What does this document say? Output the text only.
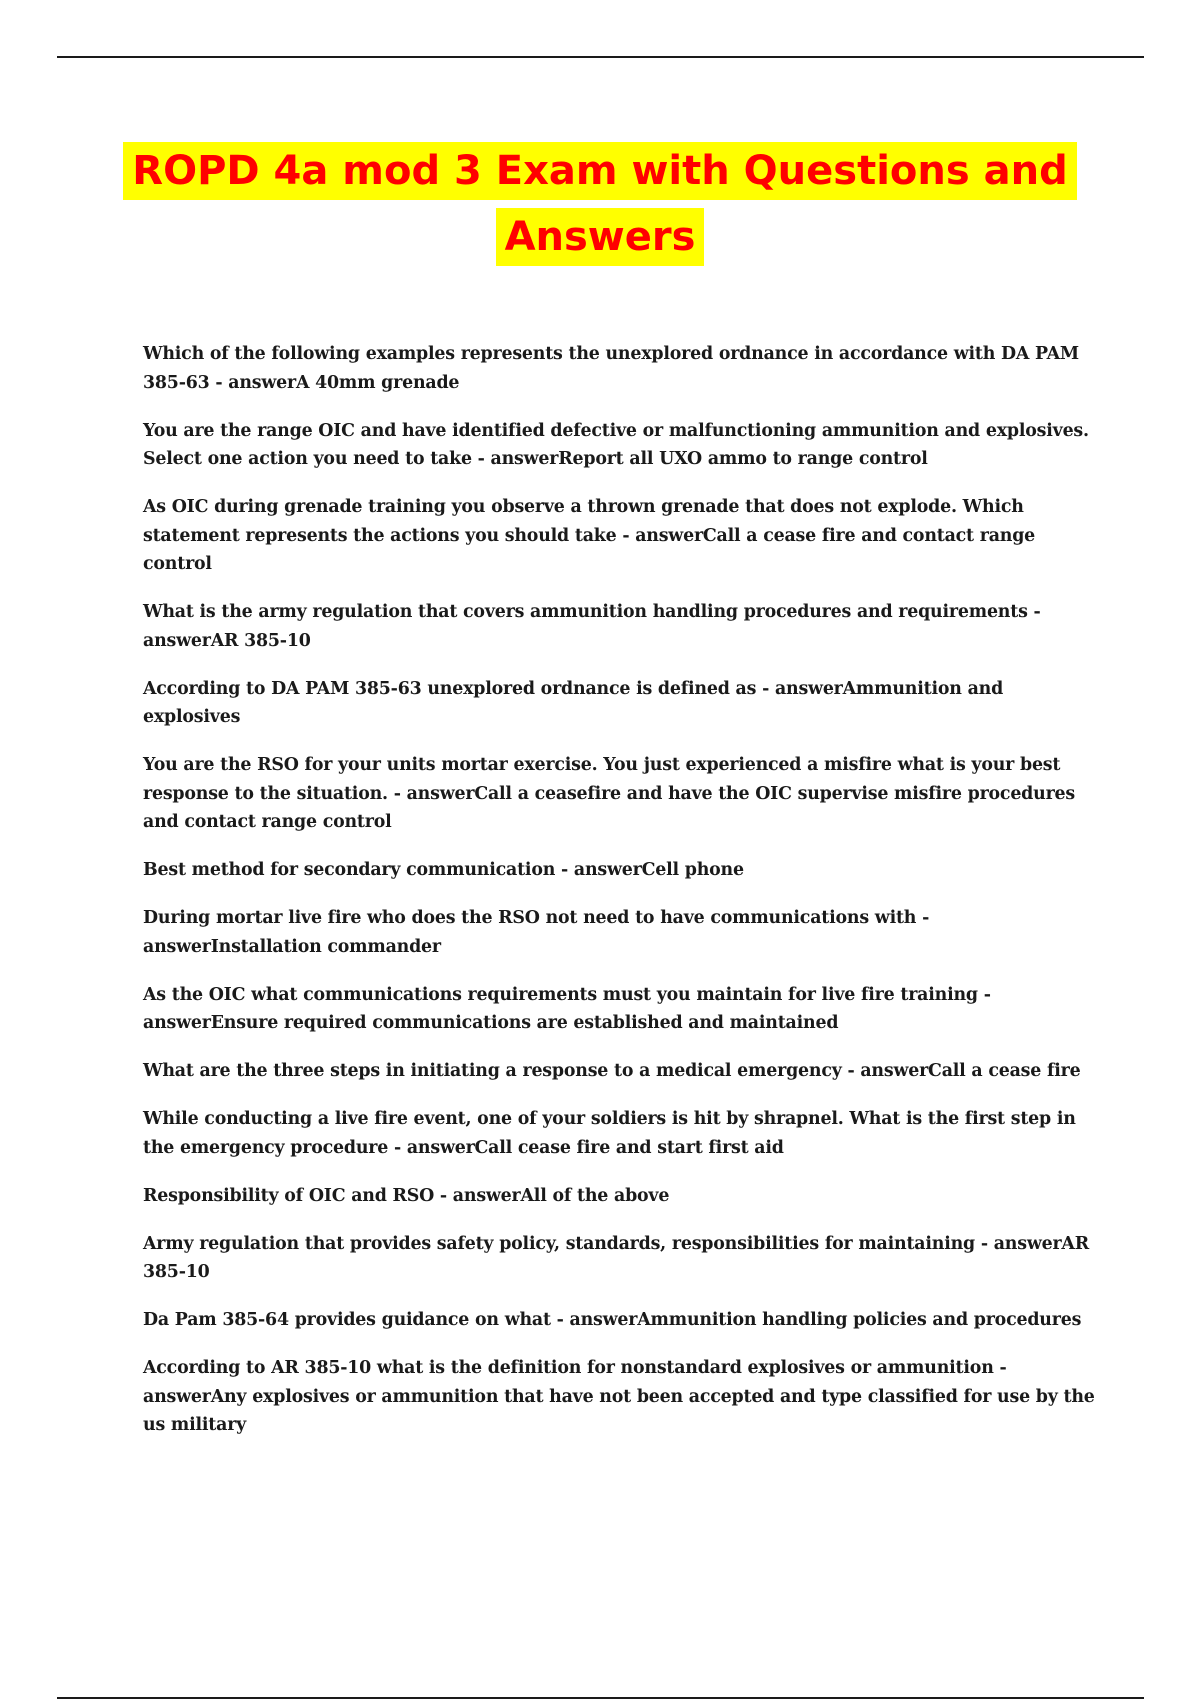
ROPD 4a mod 3 Exam with Questions and
Answers
Which of the following examples represents the unexplored ordnance in accordance with DA PAM 385-63 - answerA 40mm grenade
You are the range OIC and have identified defective or malfunctioning ammunition and explosives. Select one action you need to take - answerReport all UXO ammo to range control
As OIC during grenade training you observe a thrown grenade that does not explode. Which statement represents the actions you should take - answerCall a cease fire and contact range control
What is the army regulation that covers ammunition handling procedures and requirements - answerAR 385-10
According to DA PAM 385-63 unexplored ordnance is defined as - answerAmmunition and explosives
You are the RSO for your units mortar exercise. You just experienced a misfire what is your best response to the situation. - answerCall a ceasefire and have the OIC supervise misfire procedures and contact range control
Best method for secondary communication - answerCell phone
During mortar live fire who does the RSO not need to have communications with - answerInstallation commander
As the OIC what communications requirements must you maintain for live fire training - answerEnsure required communications are established and maintained
What are the three steps in initiating a response to a medical emergency - answerCall a cease fire
While conducting a live fire event, one of your soldiers is hit by shrapnel. What is the first step in the emergency procedure - answerCall cease fire and start first aid
Responsibility of OIC and RSO - answerAll of the above
Army regulation that provides safety policy, standards, responsibilities for maintaining - answerAR 385-10
Da Pam 385-64 provides guidance on what - answerAmmunition handling policies and procedures
According to AR 385-10 what is the definition for nonstandard explosives or ammunition - answerAny explosives or ammunition that have not been accepted and type classified for use by the us military
